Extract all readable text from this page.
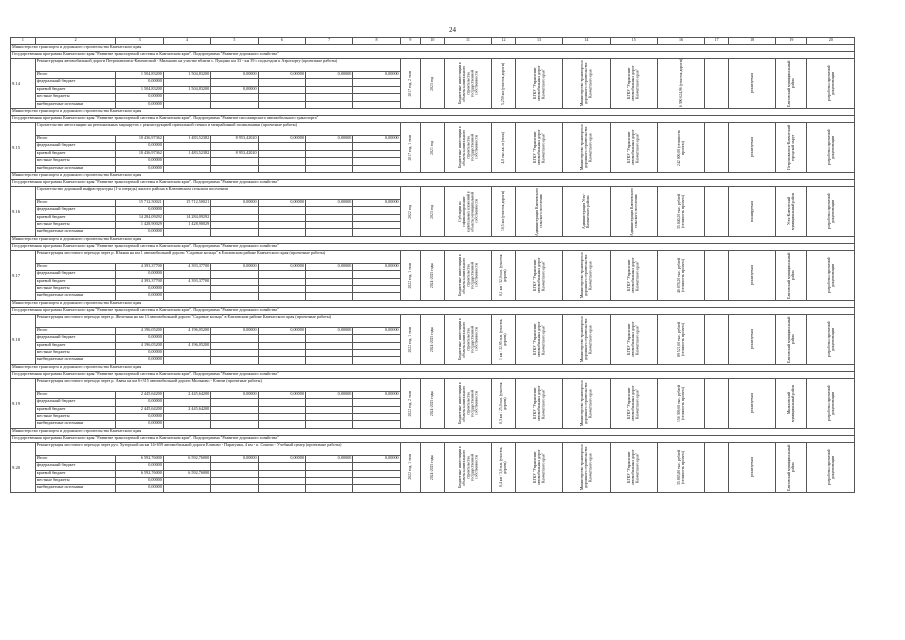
24
1	2	3	4	5	6	7	8	9	10	11	12	13	14	15	16	17	18	19	20
Министерство транспорта и дорожного строительства Камчатского края																			
Государственная программа Камчатского края "Развитие транспортной системы в Камчатском крае". Подпрограмма "Развитие дорожного хозяйства"																			
9.14	Реконструкция автомобильной дороги Петропавловск-Камчатский - Мильково на участке вблизи с. Пущино км 33 - км 39 с подъездом к Аэропорту (проектные работы)							2017 год, 2 этап	2023 год	Бюджетные инвестиции в объекты капитального строительства государственной собственности	5,259 км (участок дороги)	КГКУ "Управление автомобильных дорог Камчатского края"	Министерство транспорта и дорожного строительства Камчатского края	КГКУ "Управление автомобильных дорог Камчатского края"	6 390 624,96 (участок дороги)		реализуемая	Елизовский муниципальный район	разработка проектной документации

	Итого	1 504,83200	1 504,83200	0,00000	0,00000	0,00000	0,00000												
	федеральный бюджет	0,00000																	
	краевой бюджет	1 504,83200	1 504,83200	0,00000															
	местные бюджеты	0,00000																	
	внебюджетные источники	0,00000																	
Министерство транспорта и дорожного строительства Камчатского края																			
Государственная программа Камчатского края "Развитие транспортной системы в Камчатском крае". Подпрограмма "Развитие пассажирского автомобильного транспорта"																			
9.15	Строительство автостанции на региональных маршрутах с реконструкцией причальной стенки и межрайонной поликлиники (проектные работы)							2017 год, 1 этап	2021 год	Бюджетные инвестиции в объекты капитального строительства государственной собственности	4,0 тыс.кв. м (этаж)	КГКУ "Управление автомобильных дорог Камчатского края"	Министерство транспорта и дорожного строительства Камчатского края	КГКУ "Управление автомобильных дорог Камчатского края"	242 000,00 (стоимость проекта)		реализуемая	Петропавловск-Камчатский городской округ	разработка проектной документации

	Итого	10 436,97362	1 483,52382	8 953,42020	0,00000	0,00000	0,00000												
	федеральный бюджет	0,00000																	
	краевой бюджет	10 436,97362	1 483,52382	8 953,42020															
	местные бюджеты	0,00000																	
	внебюджетные источники	0,00000																	
Министерство транспорта и дорожного строительства Камчатского края																			
Государственная программа Камчатского края "Развитие транспортной системы в Камчатском крае". Подпрограмма "Развитие дорожного хозяйства"																			
9.16	Строительство дорожной инфраструктуры (1-я очередь) жилого района в Ключевском сельском поселении							2022 год	2023 год	Субсидии на софинансирование капитальных вложений в объекты муниципальной собственности	10,5 км (участок дороги)	Администрация Ключевского сельского поселения	Администрация Усть-Камчатского района	Администрация Ключевского сельского поселения	35 840,20 тыс. рублей (стоимость проекта)		планируемая	Усть-Камчатский муниципальный район	разработка проектной документации

	Итого	15 712,50021	15 712,50021	0,00000	0,00000	0,00000	0,00000												
	федеральный бюджет	0,00000																	
	краевой бюджет	14 284,09292	14 284,09292																
	местные бюджеты	1 428,90029	1 428,90029																
	внебюджетные источники	0,00000																	
Министерство транспорта и дорожного строительства Камчатского края																			
Государственная программа Камчатского края "Развитие транспортной системы в Камчатском крае". Подпрограмма "Развитие дорожного хозяйства"																			
9.17	Реконструкция мостового перехода через р. Южная на км 1 автомобильной дороги "Садовые кольца" в Елизовском районе Камчатского края (проектные работы)							2022 год, 1 этап	2024-2025 годы	Бюджетные инвестиции в объекты капитального строительства государственной собственности	0,1 км / 32,0 п.м. (участок дороги)	КГКУ "Управление автомобильных дорог Камчатского края"	Министерство транспорта и дорожного строительства Камчатского края	КГКУ "Управление автомобильных дорог Камчатского края"	46 878,20 тыс. рублей (стоимость проекта)		реализуемая	Елизовский муниципальный район	разработка проектной документации

	Итого	4 393,37700	4 393,37700	0,00000	0,00000	0,00000	0,00000												
	федеральный бюджет	0,00000																	
	краевой бюджет	4 393,37700	4 393,37700																
	местные бюджеты	0,00000																	
	внебюджетные источники	0,00000																	
Министерство транспорта и дорожного строительства Камчатского края																			
Государственная программа Камчатского края "Развитие транспортной системы в Камчатском крае". Подпрограмма "Развитие дорожного хозяйства"																			
9.18	Реконструкция мостового перехода через р. Железная на км 13 автомобильной дороги "Садовые кольца" в Елизовском районе Камчатского края (проектные работы)							2022 год, 1 этап	2024-2025 годы	Бюджетные инвестиции в объекты капитального строительства государственной собственности	1 км / 32,95 п.м. (участок дороги)	КГКУ "Управление автомобильных дорог Камчатского края"	Министерство транспорта и дорожного строительства Камчатского края	КГКУ "Управление автомобильных дорог Камчатского края"	89 521,60 тыс. рублей (стоимость проекта)		реализуемая	Елизовский муниципальный район	разработка проектной документации

	Итого	4 196,05200	4 196,05200	0,00000	0,00000	0,00000	0,00000												
	федеральный бюджет	0,00000																	
	краевой бюджет	4 196,05200	4 196,05200																
	местные бюджеты	0,00000																	
	внебюджетные источники	0,00000																	
Министерство транспорта и дорожного строительства Камчатского края																			
Государственная программа Камчатского края "Развитие транспортной системы в Камчатском крае". Подпрограмма "Развитие дорожного хозяйства"																			
9.19	Реконструкция мостового перехода через р. Авача на км 6+315 автомобильной дороги Мильково - Ключи (проектные работы)							2022 год, 2 этап	2024-2025 годы	Бюджетные инвестиции в объекты капитального строительства государственной собственности	0,3 км / 25,0 п.м. (участок дороги)	КГКУ "Управление автомобильных дорог Камчатского края"	Министерство транспорта и дорожного строительства Камчатского края	КГКУ "Управление автомобильных дорог Камчатского края"	156 369,60 тыс. рублей (стоимость проекта)		реализуемая	Мильковский муниципальный район	разработка проектной документации

	Итого	2 445,64200	2 445,64200	0,00000	0,00000	0,00000	0,00000												
	федеральный бюджет	0,00000																	
	краевой бюджет	2 445,64200	2 445,64200																
	местные бюджеты	0,00000																	
	внебюджетные источники	0,00000																	
Министерство транспорта и дорожного строительства Камчатского края																			
Государственная программа Камчатского края "Развитие транспортной системы в Камчатском крае". Подпрограмма "Развитие дорожного хозяйства"																			
9.20	Реконструкция мостового перехода через руч. Хуторской на км 14+659 автомобильной дороги Елизово - Паратунка, 4 км - п. Сокочи - Учебный центр (проектные работы)							2022 год, 1 этап	2024-2025 годы	Бюджетные инвестиции в объекты капитального строительства государственной собственности	0,4 км / 3,0 п.м. (участок дороги)	КГКУ "Управление автомобильных дорог Камчатского края"	Министерство транспорта и дорожного строительства Камчатского края	КГКУ "Управление автомобильных дорог Камчатского края"	35 865,80 тыс. рублей (стоимость проекта)		реализуемая	Елизовский муниципальный район	разработка проектной документации

	Итого	6 592,76000	6 592,76000	0,00000	0,00000	0,00000	0,00000												
	федеральный бюджет	0,00000																	
	краевой бюджет	6 592,76000	6 592,76000																
	местные бюджеты	0,00000																	
	внебюджетные источники	0,00000																	
